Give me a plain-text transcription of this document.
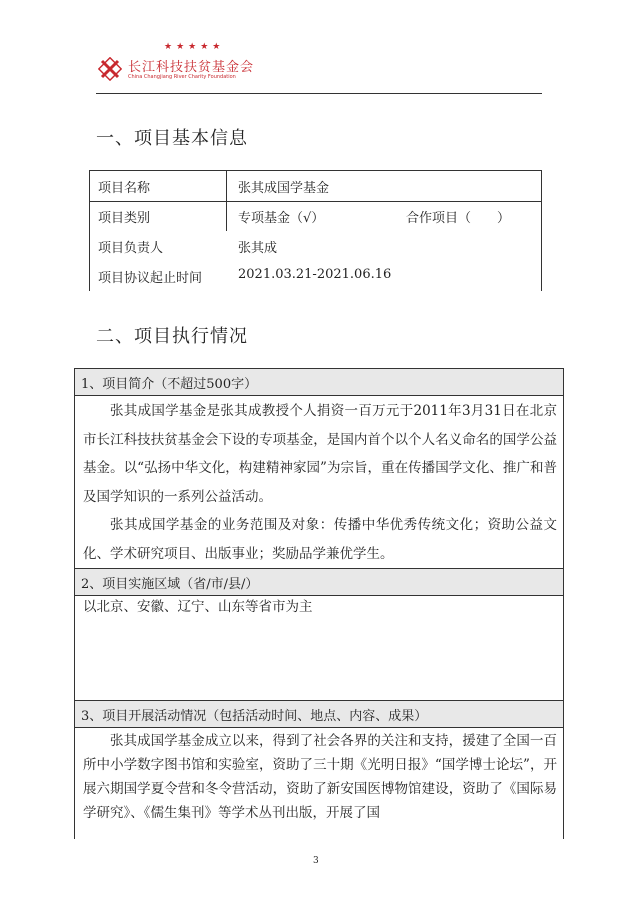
★★★★★
长江科技扶贫基金会
China Changjiang River Charity Foundation
一、项目基本信息
项目名称	张其成国学基金
项目类别	专项基金（√）	合作项目（　　）
项目负责人	张其成
项目协议起止时间	2021.03.21-2021.06.16
二、项目执行情况
1、项目简介（不超过500字）
张其成国学基金是张其成教授个人捐资一百万元于2011年3月31日在北京市长江科技扶贫基金会下设的专项基金，是国内首个以个人名义命名的国学公益基金。以“弘扬中华文化，构建精神家园”为宗旨，重在传播国学文化、推广和普及国学知识的一系列公益活动。
张其成国学基金的业务范围及对象：传播中华优秀传统文化；资助公益文化、学术研究项目、出版事业；奖励品学兼优学生。
2、项目实施区域（省/市/县/）
以北京、安徽、辽宁、山东等省市为主
3、项目开展活动情况（包括活动时间、地点、内容、成果）
张其成国学基金成立以来，得到了社会各界的关注和支持，援建了全国一百所中小学数字图书馆和实验室，资助了三十期《光明日报》“国学博士论坛”，开展六期国学夏令营和冬令营活动，资助了新安国医博物馆建设，资助了《国际易学研究》、《儒生集刊》等学术丛刊出版，开展了国
3
